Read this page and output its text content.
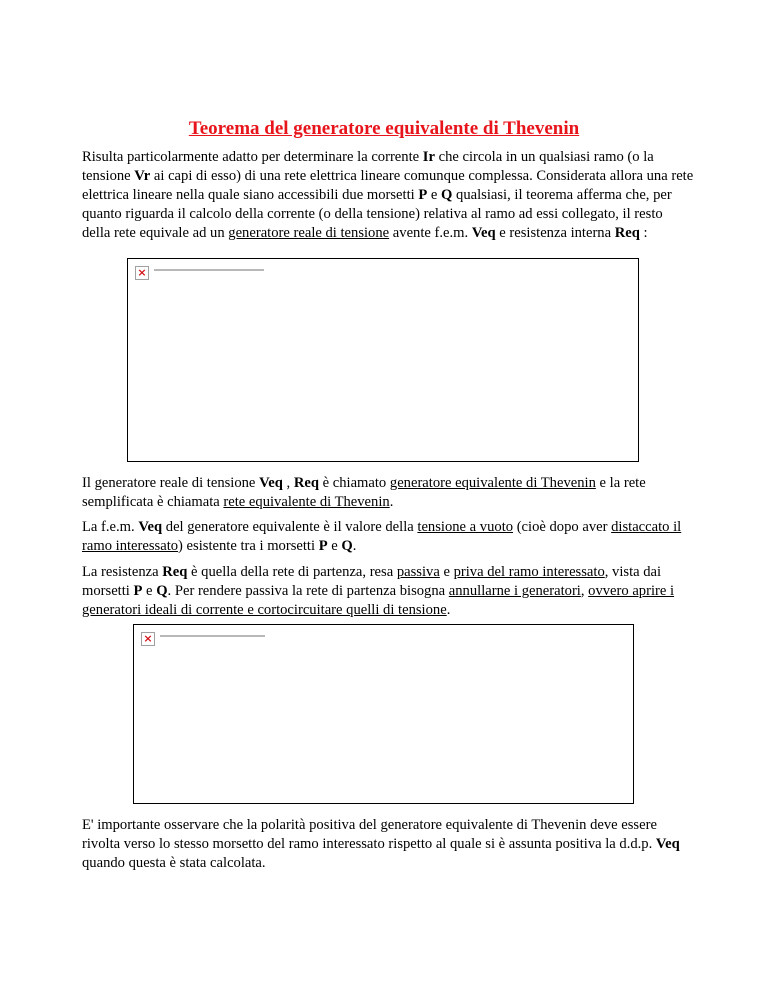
Teorema del generatore equivalente di Thevenin

Risulta particolarmente adatto per determinare la corrente Ir che circola in un qualsiasi ramo (o la tensione Vr ai capi di esso) di una rete elettrica lineare comunque complessa. Considerata allora una rete elettrica lineare nella quale siano accessibili due morsetti P e Q qualsiasi, il teorema afferma che, per quanto riguarda il calcolo della corrente (o della tensione) relativa al ramo ad essi collegato, il resto della rete equivale ad un generatore reale di tensione avente f.e.m. Veq e resistenza interna Req :

×

Il generatore reale di tensione Veq , Req è chiamato generatore equivalente di Thevenin e la rete semplificata è chiamata rete equivalente di Thevenin.

La f.e.m. Veq del generatore equivalente è il valore della tensione a vuoto (cioè dopo aver distaccato il ramo interessato) esistente tra i morsetti P e Q.

La resistenza Req è quella della rete di partenza, resa passiva e priva del ramo interessato, vista dai morsetti P e Q. Per rendere passiva la rete di partenza bisogna annullarne i generatori, ovvero aprire i generatori ideali di corrente e cortocircuitare quelli di tensione.

×

E' importante osservare che la polarità positiva del generatore equivalente di Thevenin deve essere rivolta verso lo stesso morsetto del ramo interessato rispetto al quale si è assunta positiva la d.d.p. Veq quando questa è stata calcolata.
